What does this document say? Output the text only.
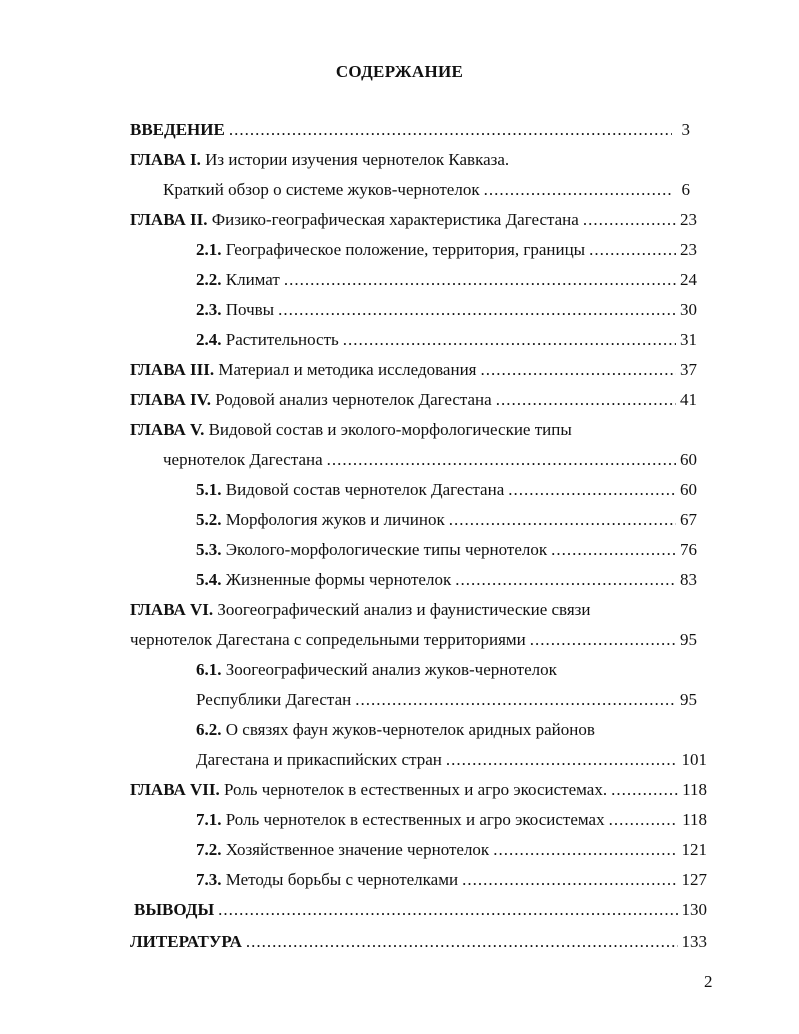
СОДЕРЖАНИЕ
ВВЕДЕНИЕ .....	3
ГЛАВА I. Из истории изучения чернотелок Кавказа.
Краткий обзор о системе жуков-чернотелок .....	6
ГЛАВА II. Физико-географическая характеристика Дагестана .....	23
2.1. Географическое положение, территория, границы .....	23
2.2. Климат .....	24
2.3. Почвы .....	30
2.4. Растительность .....	31
ГЛАВА III. Материал и методика исследования .....	37
ГЛАВА IV. Родовой анализ чернотелок Дагестана .....	41
ГЛАВА V. Видовой состав и эколого-морфологические типы
чернотелок Дагестана .....	60
5.1. Видовой состав чернотелок Дагестана .....	60
5.2. Морфология жуков и личинок .....	67
5.3. Эколого-морфологические типы чернотелок .....	76
5.4. Жизненные формы чернотелок .....	83
ГЛАВА VI. Зоогеографический анализ и фаунистические связи
чернотелок Дагестана с сопредельными территориями .....	95
6.1. Зоогеографический анализ жуков-чернотелок
Республики Дагестан .....	95
6.2. О связях фаун жуков-чернотелок аридных районов
Дагестана и прикаспийских стран .....	101
ГЛАВА VII. Роль чернотелок в естественных и агро экосистемах. .....	118
7.1. Роль чернотелок в естественных и агро экосистемах .....	118
7.2. Хозяйственное значение чернотелок .....	121
7.3. Методы борьбы с чернотелками .....	127
ВЫВОДЫ .....	130
ЛИТЕРАТУРА .....	133
2
